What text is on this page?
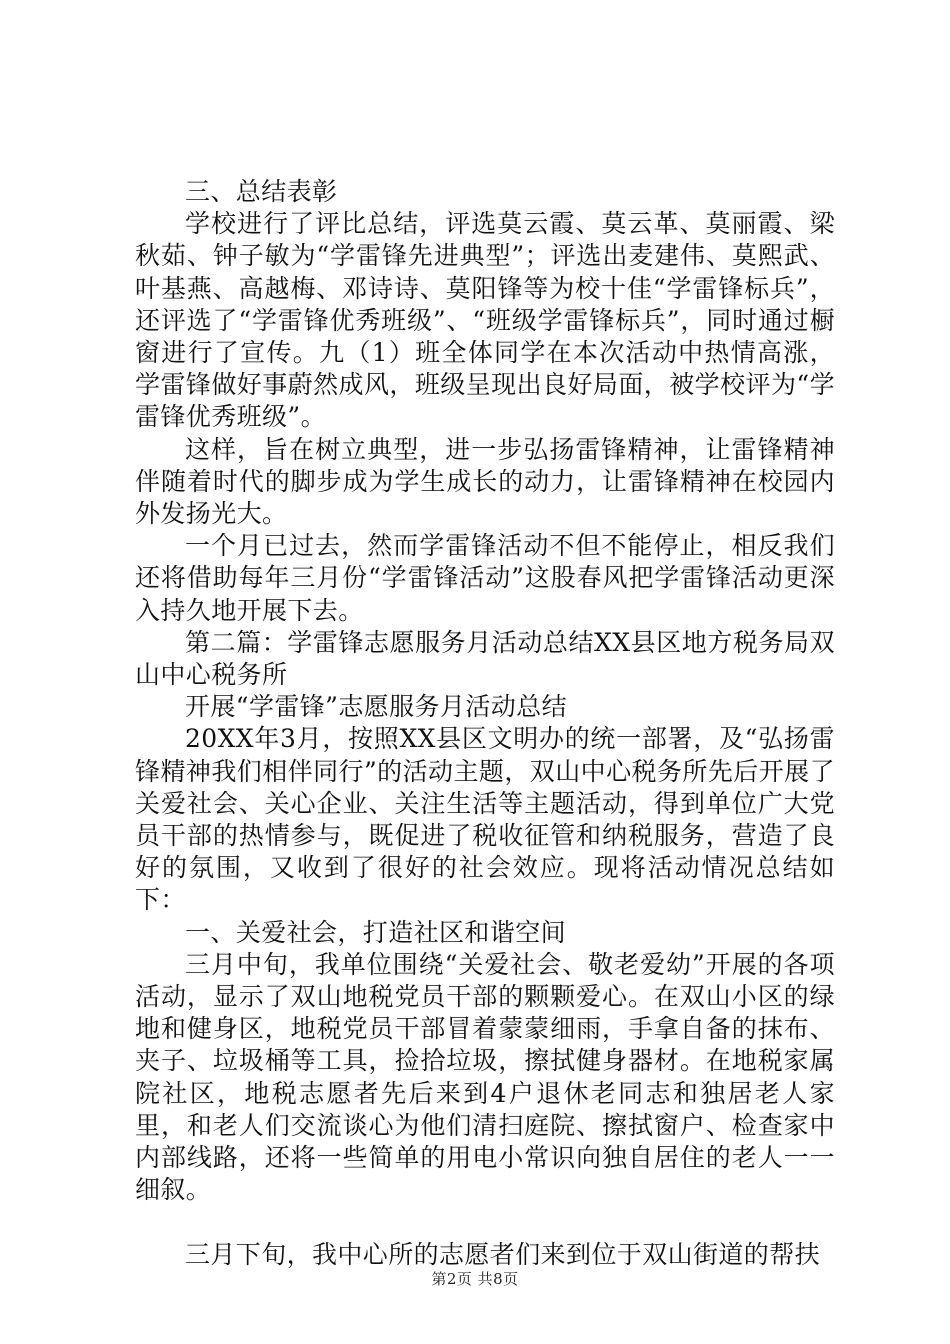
三、总结表彰

学校进行了评比总结，评选莫云霞、莫云革、莫丽霞、梁秋茹、钟子敏为“学雷锋先进典型”；评选出麦建伟、莫熙武、叶基燕、高越梅、邓诗诗、莫阳锋等为校十佳“学雷锋标兵”，还评选了“学雷锋优秀班级”、“班级学雷锋标兵”，同时通过橱窗进行了宣传。九（1）班全体同学在本次活动中热情高涨，学雷锋做好事蔚然成风，班级呈现出良好局面，被学校评为“学雷锋优秀班级”。

这样，旨在树立典型，进一步弘扬雷锋精神，让雷锋精神伴随着时代的脚步成为学生成长的动力，让雷锋精神在校园内外发扬光大。

一个月已过去，然而学雷锋活动不但不能停止，相反我们还将借助每年三月份“学雷锋活动”这股春风把学雷锋活动更深入持久地开展下去。

第二篇：学雷锋志愿服务月活动总结XX县区地方税务局双山中心税务所

开展“学雷锋”志愿服务月活动总结

20XX年3月，按照XX县区文明办的统一部署，及“弘扬雷锋精神我们相伴同行”的活动主题，双山中心税务所先后开展了关爱社会、关心企业、关注生活等主题活动，得到单位广大党员干部的热情参与，既促进了税收征管和纳税服务，营造了良好的氛围，又收到了很好的社会效应。现将活动情况总结如下：

一、关爱社会，打造社区和谐空间

三月中旬，我单位围绕“关爱社会、敬老爱幼”开展的各项活动，显示了双山地税党员干部的颗颗爱心。在双山小区的绿地和健身区，地税党员干部冒着蒙蒙细雨，手拿自备的抹布、夹子、垃圾桶等工具，捡拾垃圾，擦拭健身器材。在地税家属院社区，地税志愿者先后来到4户退休老同志和独居老人家里，和老人们交流谈心为他们清扫庭院、擦拭窗户、检查家中内部线路，还将一些简单的用电小常识向独自居住的老人一一细叙。

三月下旬，我中心所的志愿者们来到位于双山街道的帮扶

第2页 共8页
